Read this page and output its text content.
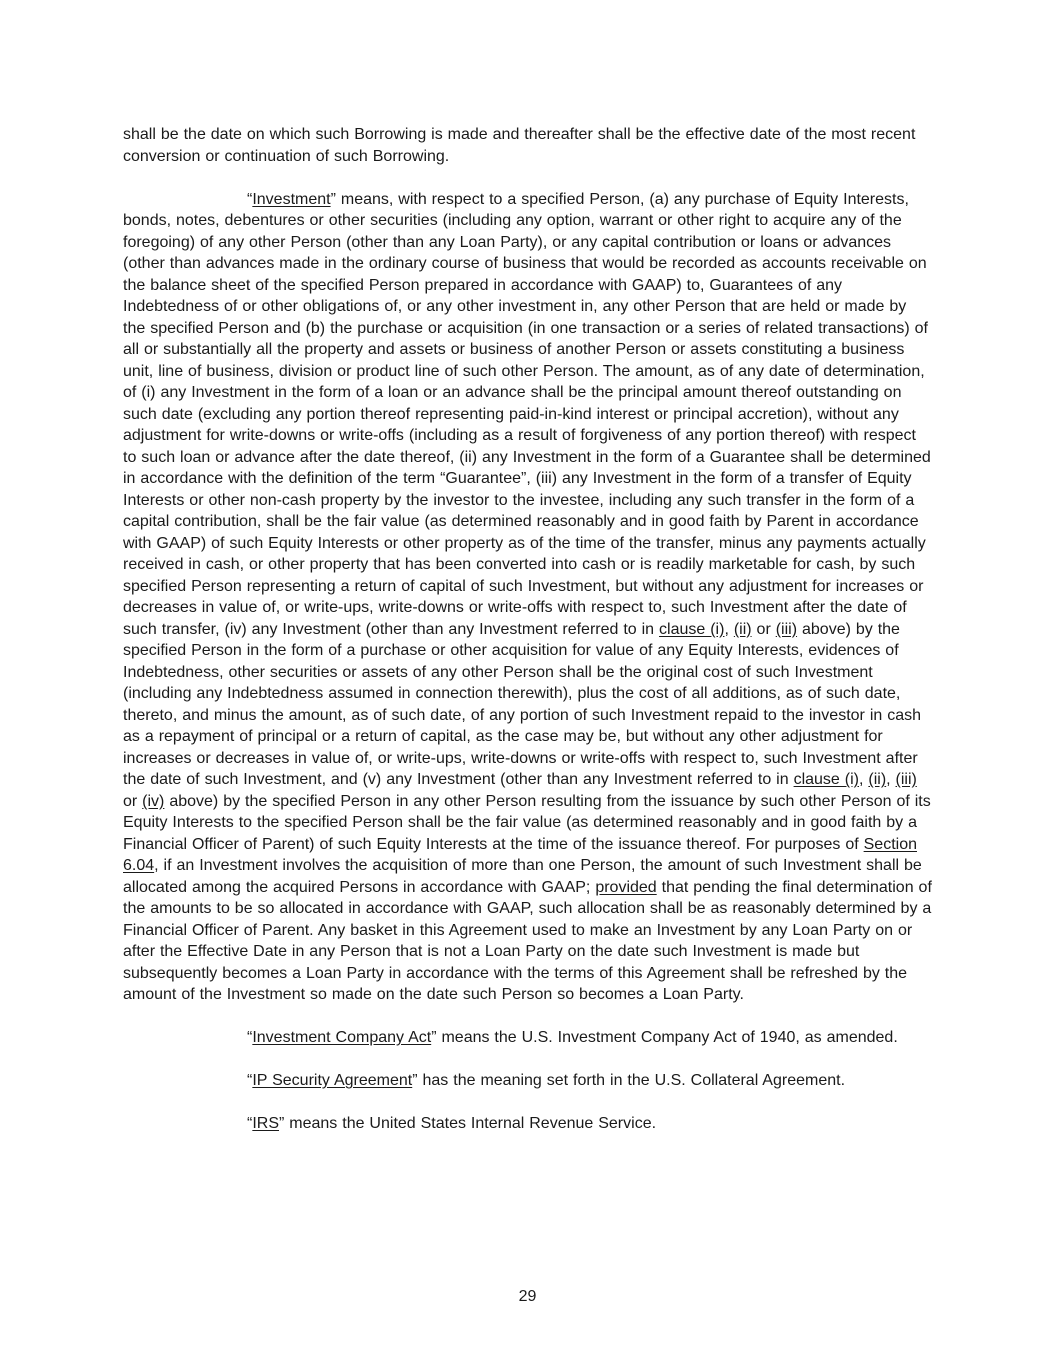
shall be the date on which such Borrowing is made and thereafter shall be the effective date of the most recent conversion or continuation of such Borrowing.

“Investment” means, with respect to a specified Person, (a) any purchase of Equity Interests, bonds, notes, debentures or other securities (including any option, warrant or other right to acquire any of the foregoing) of any other Person (other than any Loan Party), or any capital contribution or loans or advances (other than advances made in the ordinary course of business that would be recorded as accounts receivable on the balance sheet of the specified Person prepared in accordance with GAAP) to, Guarantees of any Indebtedness of or other obligations of, or any other investment in, any other Person that are held or made by the specified Person and (b) the purchase or acquisition (in one transaction or a series of related transactions) of all or substantially all the property and assets or business of another Person or assets constituting a business unit, line of business, division or product line of such other Person. The amount, as of any date of determination, of (i) any Investment in the form of a loan or an advance shall be the principal amount thereof outstanding on such date (excluding any portion thereof representing paid-in-kind interest or principal accretion), without any adjustment for write-downs or write-offs (including as a result of forgiveness of any portion thereof) with respect to such loan or advance after the date thereof, (ii) any Investment in the form of a Guarantee shall be determined in accordance with the definition of the term “Guarantee”, (iii) any Investment in the form of a transfer of Equity Interests or other non-cash property by the investor to the investee, including any such transfer in the form of a capital contribution, shall be the fair value (as determined reasonably and in good faith by Parent in accordance with GAAP) of such Equity Interests or other property as of the time of the transfer, minus any payments actually received in cash, or other property that has been converted into cash or is readily marketable for cash, by such specified Person representing a return of capital of such Investment, but without any adjustment for increases or decreases in value of, or write-ups, write-downs or write-offs with respect to, such Investment after the date of such transfer, (iv) any Investment (other than any Investment referred to in clause (i), (ii) or (iii) above) by the specified Person in the form of a purchase or other acquisition for value of any Equity Interests, evidences of Indebtedness, other securities or assets of any other Person shall be the original cost of such Investment (including any Indebtedness assumed in connection therewith), plus the cost of all additions, as of such date, thereto, and minus the amount, as of such date, of any portion of such Investment repaid to the investor in cash as a repayment of principal or a return of capital, as the case may be, but without any other adjustment for increases or decreases in value of, or write-ups, write-downs or write-offs with respect to, such Investment after the date of such Investment, and (v) any Investment (other than any Investment referred to in clause (i), (ii), (iii) or (iv) above) by the specified Person in any other Person resulting from the issuance by such other Person of its Equity Interests to the specified Person shall be the fair value (as determined reasonably and in good faith by a Financial Officer of Parent) of such Equity Interests at the time of the issuance thereof. For purposes of Section 6.04, if an Investment involves the acquisition of more than one Person, the amount of such Investment shall be allocated among the acquired Persons in accordance with GAAP; provided that pending the final determination of the amounts to be so allocated in accordance with GAAP, such allocation shall be as reasonably determined by a Financial Officer of Parent. Any basket in this Agreement used to make an Investment by any Loan Party on or after the Effective Date in any Person that is not a Loan Party on the date such Investment is made but subsequently becomes a Loan Party in accordance with the terms of this Agreement shall be refreshed by the amount of the Investment so made on the date such Person so becomes a Loan Party.

“Investment Company Act” means the U.S. Investment Company Act of 1940, as amended.

“IP Security Agreement” has the meaning set forth in the U.S. Collateral Agreement.

“IRS” means the United States Internal Revenue Service.

29
